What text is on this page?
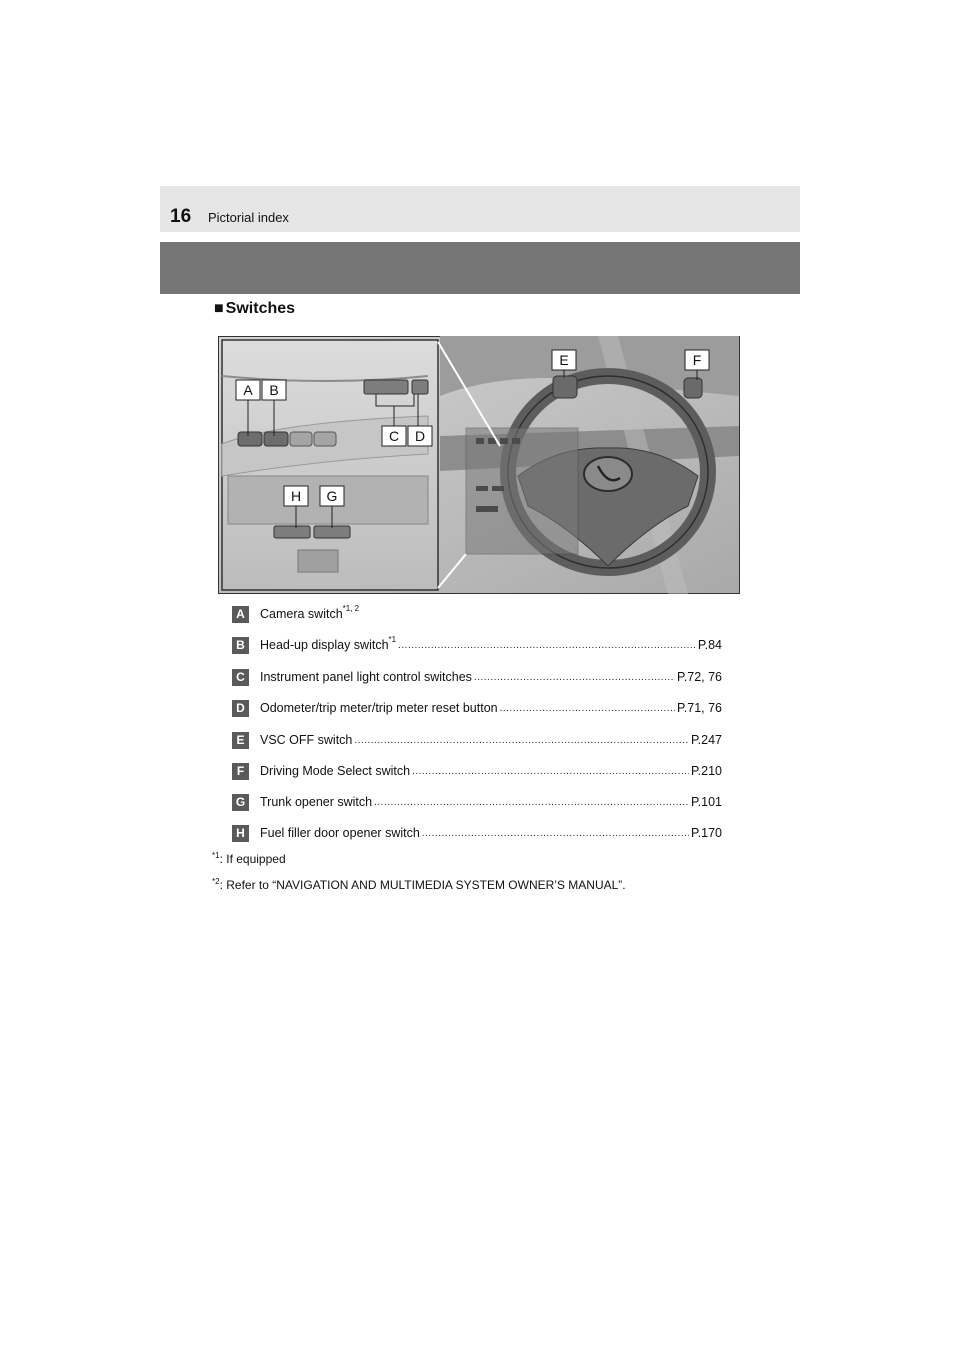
16 Pictorial index
■ Switches
A B
C D
E	F
H G
A	Camera switch$^{*1, 2}$
B	Head-up display switch$^{*1}$ .....	P.84
C	Instrument panel light control switches .....	P.72, 76
D	Odometer/trip meter/trip meter reset button .....	P.71, 76
E	VSC OFF switch .....	P.247
F	Driving Mode Select switch .....	P.210
G	Trunk opener switch .....	P.101
H	Fuel filler door opener switch .....	P.170
$^{*1}$: If equipped
$^{*2}$: Refer to “NAVIGATION AND MULTIMEDIA SYSTEM OWNER’S MANUAL”.
